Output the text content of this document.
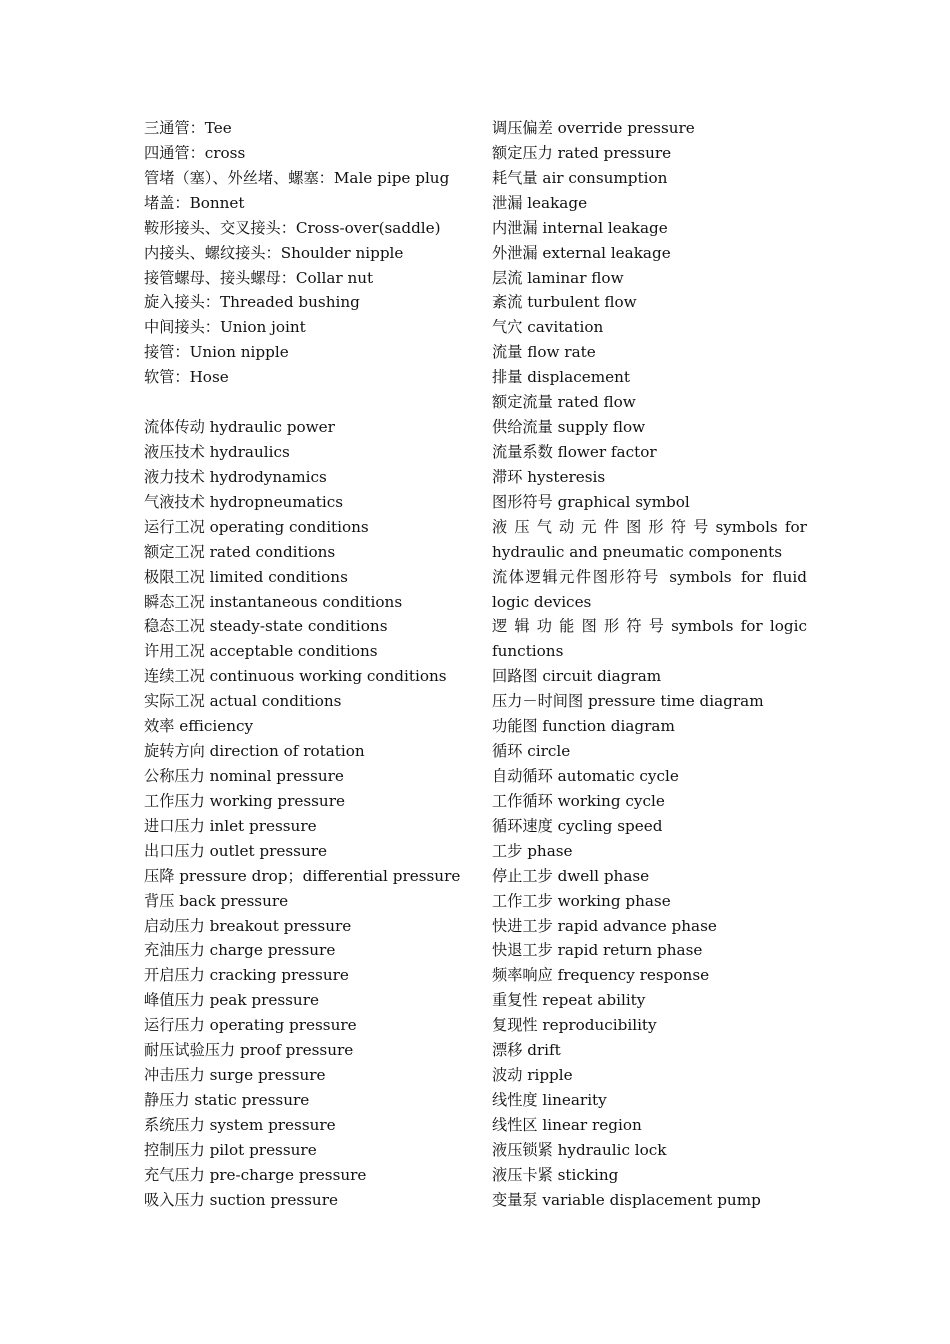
三通管：Tee
四通管：cross
管堵（塞）、外丝堵、螺塞：Male pipe plug
堵盖：Bonnet
鞍形接头、交叉接头：Cross-over(saddle)
内接头、螺纹接头：Shoulder nipple
接管螺母、接头螺母：Collar nut
旋入接头：Threaded bushing
中间接头：Union joint
接管：Union nipple
软管：Hose
流体传动 hydraulic power
液压技术 hydraulics
液力技术 hydrodynamics
气液技术 hydropneumatics
运行工况 operating conditions
额定工况 rated conditions
极限工况 limited conditions
瞬态工况 instantaneous conditions
稳态工况 steady-state conditions
许用工况 acceptable conditions
连续工况 continuous working conditions
实际工况 actual conditions
效率 efficiency
旋转方向 direction of rotation
公称压力 nominal pressure
工作压力 working pressure
进口压力 inlet pressure
出口压力 outlet pressure
压降 pressure drop；differential pressure
背压 back pressure
启动压力 breakout pressure
充油压力 charge pressure
开启压力 cracking pressure
峰值压力 peak pressure
运行压力 operating pressure
耐压试验压力 proof pressure
冲击压力 surge pressure
静压力 static pressure
系统压力 system pressure
控制压力 pilot pressure
充气压力 pre-charge pressure
吸入压力 suction pressure
调压偏差 override pressure
额定压力 rated pressure
耗气量 air consumption
泄漏 leakage
内泄漏 internal leakage
外泄漏 external leakage
层流 laminar flow
紊流 turbulent flow
气穴 cavitation
流量 flow rate
排量 displacement
额定流量 rated flow
供给流量 supply flow
流量系数 flower factor
滞环 hysteresis
图形符号 graphical symbol
液 压 气 动 元 件 图 形 符 号 symbols for
hydraulic and pneumatic components
流体逻辑元件图形符号 symbols for fluid
logic devices
逻 辑 功 能 图 形 符 号 symbols for logic
functions
回路图 circuit diagram
压力－时间图 pressure time diagram
功能图 function diagram
循环 circle
自动循环 automatic cycle
工作循环 working cycle
循环速度 cycling speed
工步 phase
停止工步 dwell phase
工作工步 working phase
快进工步 rapid advance phase
快退工步 rapid return phase
频率响应 frequency response
重复性 repeat ability
复现性 reproducibility
漂移 drift
波动 ripple
线性度 linearity
线性区 linear region
液压锁紧 hydraulic lock
液压卡紧 sticking
变量泵 variable displacement pump
